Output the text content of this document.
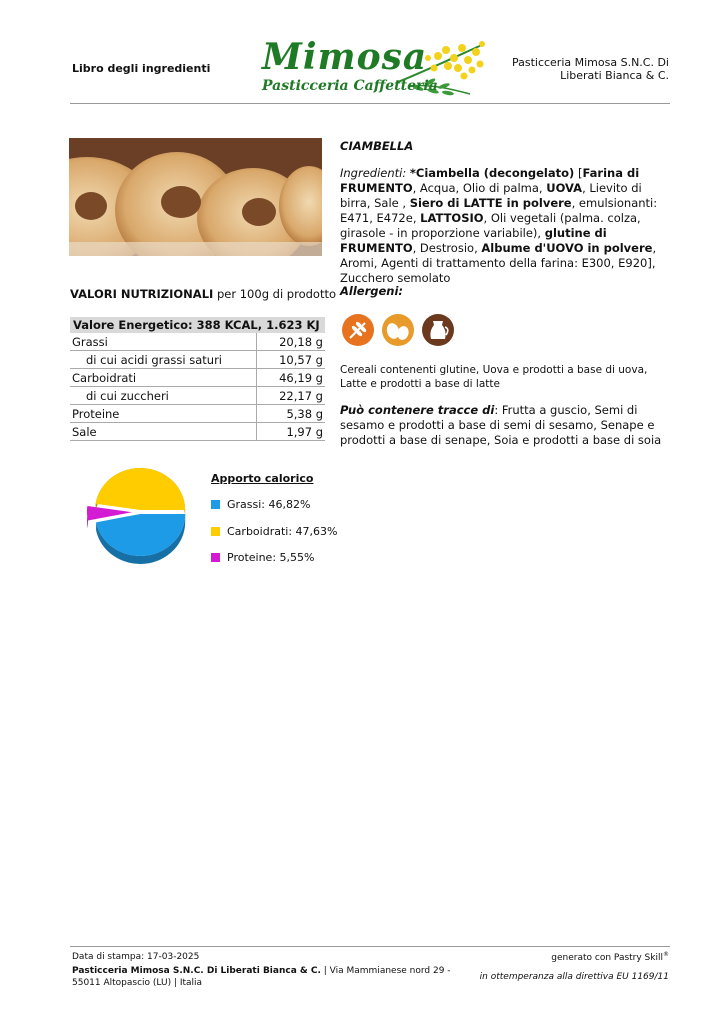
Libro degli ingredienti Mimosa
Pasticceria Caffetteria
Pasticceria Mimosa S.N.C. Di Liberati Bianca & C.
VALORI NUTRIZIONALI per 100g di prodotto
Valore Energetico: 388 KCAL, 1.623 KJ	
Grassi	20,18 g
di cui acidi grassi saturi	10,57 g
Carboidrati	46,19 g
di cui zuccheri	22,17 g
Proteine	5,38 g
Sale	1,97 g
Apporto calorico
Grassi: 46,82%
Carboidrati: 47,63%
Proteine: 5,55%
CIAMBELLA
Ingredienti: *Ciambella (decongelato) [Farina di FRUMENTO, Acqua, Olio di palma, UOVA, Lievito di birra, Sale , Siero di LATTE in polvere, emulsionanti: E471, E472e, LATTOSIO, Oli vegetali (palma. colza, girasole - in proporzione variabile), glutine di FRUMENTO, Destrosio, Albume d'UOVO in polvere, Aromi, Agenti di trattamento della farina: E300, E920], Zucchero semolato
Allergeni:
Cereali contenenti glutine, Uova e prodotti a base di uova, Latte e prodotti a base di latte
Può contenere tracce di: Frutta a guscio, Semi di sesamo e prodotti a base di semi di sesamo, Senape e prodotti a base di senape, Soia e prodotti a base di soia
Data di stampa: 17-03-2025	generato con Pastry Skill®
Pasticceria Mimosa S.N.C. Di Liberati Bianca & C. | Via Mammianese nord 29 - 55011 Altopascio (LU) | Italia
in ottemperanza alla direttiva EU 1169/11
